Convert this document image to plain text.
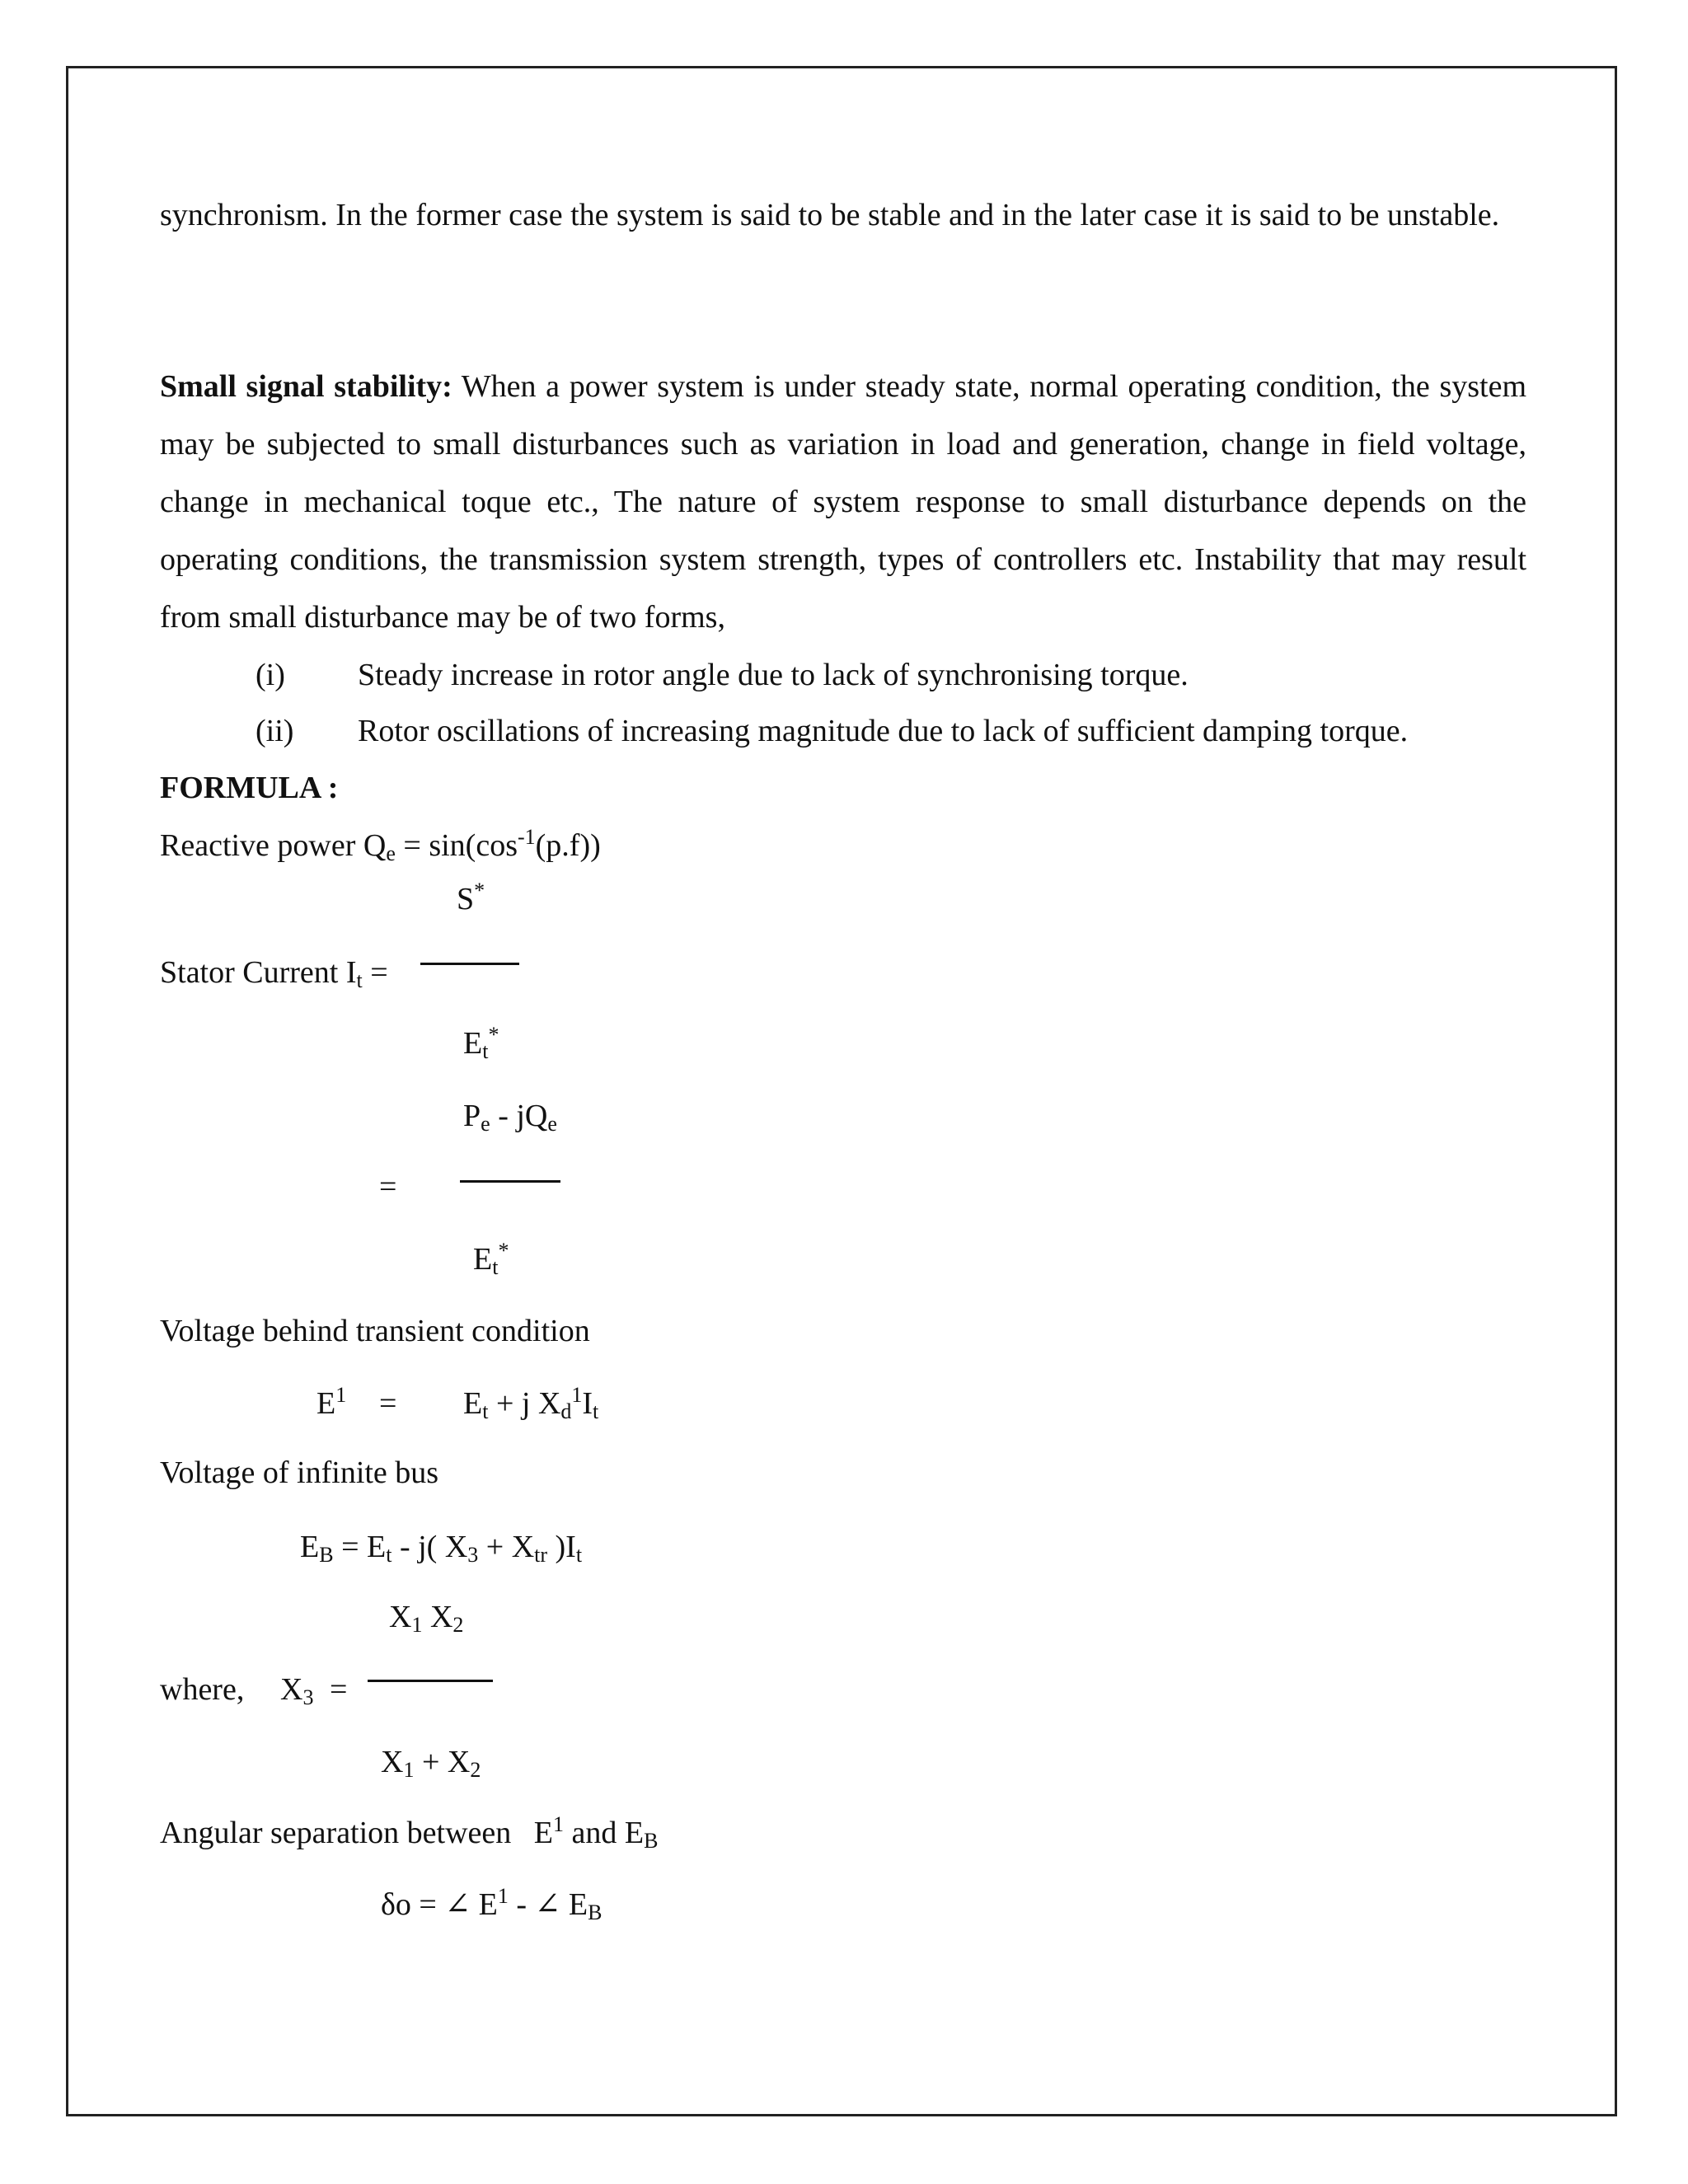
synchronism. In the former case the system is said to be stable and in the later case it is said to be unstable.
Small signal stability: When a power system is under steady state, normal operating condition, the system may be subjected to small disturbances such as variation in load and generation, change in field voltage, change in mechanical toque etc., The nature of system response to small disturbance depends on the operating conditions, the transmission system strength, types of controllers etc. Instability that may result from small disturbance may be of two forms,
(i) Steady increase in rotor angle due to lack of synchronising torque.
(ii) Rotor oscillations of increasing magnitude due to lack of sufficient damping torque.
FORMULA :
Reactive power $Q_e = \sin(\cos^{-1}(p.f))$
S*
Stator Current $I_t$ =
$E_t^*$
$P_e - jQ_e$
=
$E_t^*$
Voltage behind transient condition
$E^1 = E_t + j$ $X_d^1I_t$
Voltage of infinite bus
$E_B = E_t - j$( $X_3 + X_{tr}$ )$I_t$
$X_1$ $X_2$
where, $X_3$ =
$X_1 + X_2$
Angular separation between $E^1$ and $E_B$
δo = ∠ $E^1$ - ∠ $E_B$
